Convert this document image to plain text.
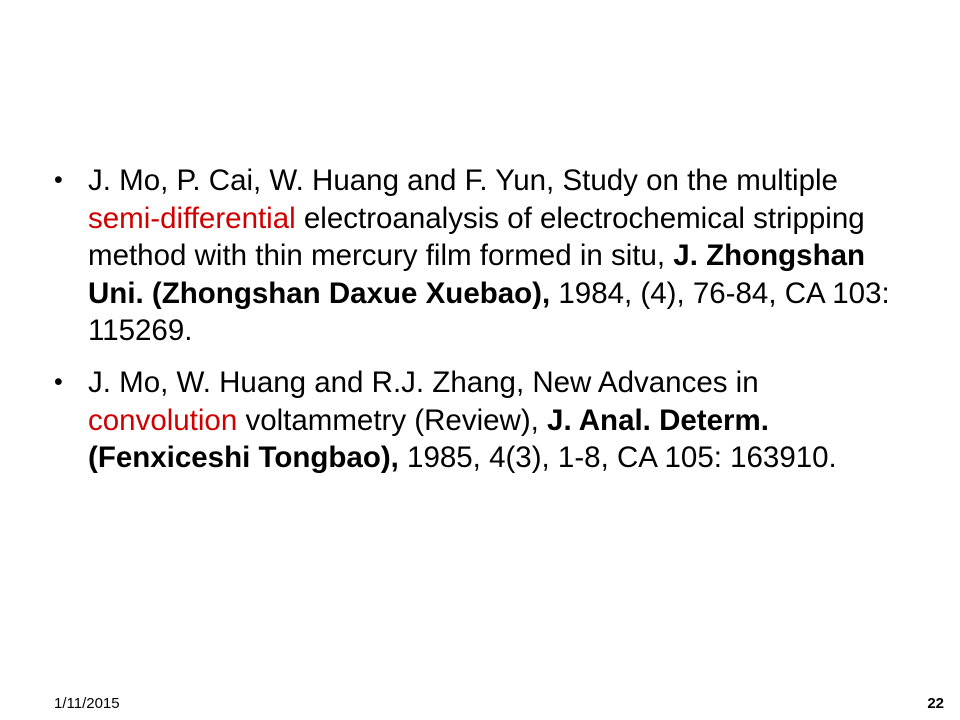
• J. Mo, P. Cai, W. Huang and F. Yun, Study on the multiple semi-differential electroanalysis of electrochemical stripping method with thin mercury film formed in situ, J. Zhongshan Uni. (Zhongshan Daxue Xuebao), 1984, (4), 76-84, CA 103: 115269.
• J. Mo, W. Huang and R.J. Zhang, New Advances in convolution voltammetry (Review), J. Anal. Determ. (Fenxiceshi Tongbao), 1985, 4(3), 1-8, CA 105: 163910.
1/11/2015	22
